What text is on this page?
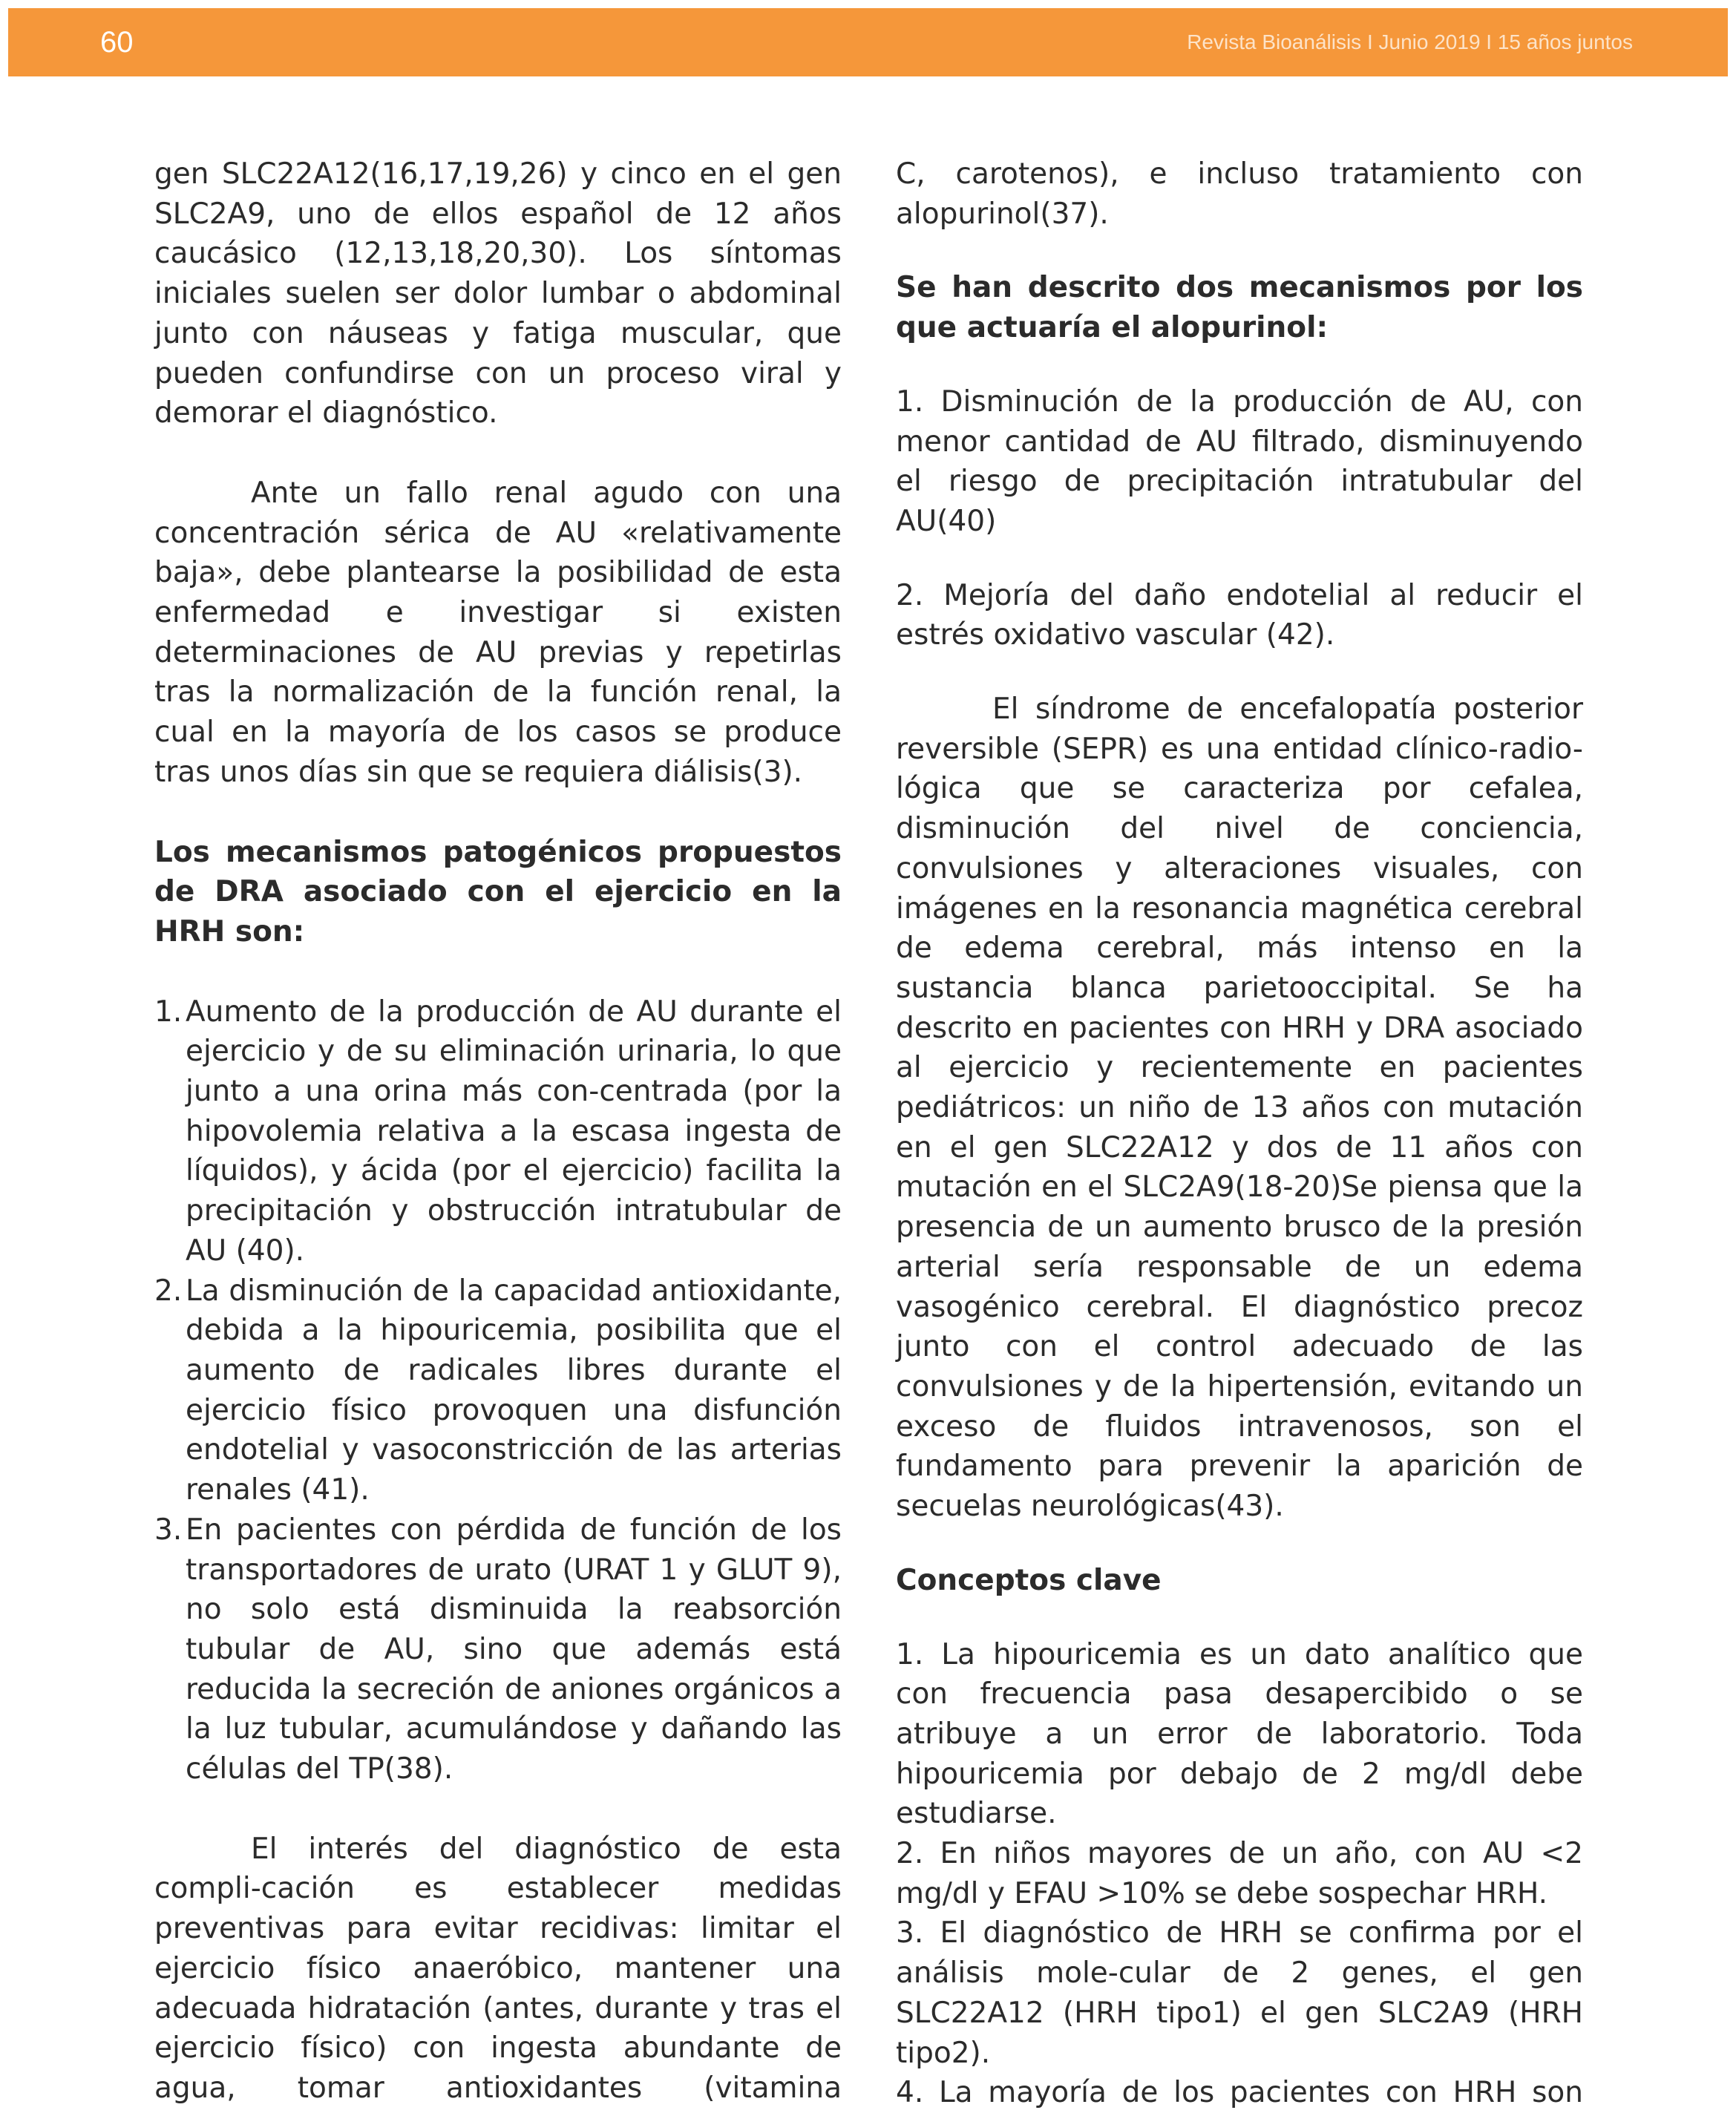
60	Revista Bioanálisis I Junio 2019 I 15 años juntos

gen SLC22A12(16,17,19,26) y cinco en el gen SLC2A9, uno de ellos español de 12 años caucásico (12,13,18,20,30). Los síntomas iniciales suelen ser dolor lumbar o abdominal junto con náuseas y fatiga muscular, que pueden confundirse con un proceso viral y demorar el diagnóstico.

Ante un fallo renal agudo con una concentración sérica de AU «relativamente baja», debe plantearse la posibilidad de esta enfermedad e investigar si existen determinaciones de AU previas y repetirlas tras la normalización de la función renal, la cual en la mayoría de los casos se produce tras unos días sin que se requiera diálisis(3).

Los mecanismos patogénicos propuestos de DRA asociado con el ejercicio en la HRH son:

1. Aumento de la producción de AU durante el ejercicio y de su eliminación urinaria, lo que junto a una orina más con-centrada (por la hipovolemia relativa a la escasa ingesta de líquidos), y ácida (por el ejercicio) facilita la precipitación y obstrucción intratubular de AU (40).
2. La disminución de la capacidad antioxidante, debida a la hipouricemia, posibilita que el aumento de radicales libres durante el ejercicio físico provoquen una disfunción endotelial y vasoconstricción de las arterias renales (41).
3. En pacientes con pérdida de función de los transportadores de urato (URAT 1 y GLUT 9), no solo está disminuida la reabsorción tubular de AU, sino que además está reducida la secreción de aniones orgánicos a la luz tubular, acumulándose y dañando las células del TP(38).

El interés del diagnóstico de esta compli-cación es establecer medidas preventivas para evitar recidivas: limitar el ejercicio físico anaeróbico, mantener una adecuada hidratación (antes, durante y tras el ejercicio físico) con ingesta abundante de agua, tomar antioxidantes (vitamina

C, carotenos), e incluso tratamiento con alopurinol(37).

Se han descrito dos mecanismos por los que actuaría el alopurinol:

1. Disminución de la producción de AU, con menor cantidad de AU filtrado, disminuyendo el riesgo de precipitación intratubular del AU(40)

2. Mejoría del daño endotelial al reducir el estrés oxidativo vascular (42).

El síndrome de encefalopatía posterior reversible (SEPR) es una entidad clínico-radio-lógica que se caracteriza por cefalea, disminución del nivel de conciencia, convulsiones y alteraciones visuales, con imágenes en la resonancia magnética cerebral de edema cerebral, más intenso en la sustancia blanca parietooccipital. Se ha descrito en pacientes con HRH y DRA asociado al ejercicio y recientemente en pacientes pediátricos: un niño de 13 años con mutación en el gen SLC22A12 y dos de 11 años con mutación en el SLC2A9(18-20)Se piensa que la presencia de un aumento brusco de la presión arterial sería responsable de un edema vasogénico cerebral. El diagnóstico precoz junto con el control adecuado de las convulsiones y de la hipertensión, evitando un exceso de fluidos intravenosos, son el fundamento para prevenir la aparición de secuelas neurológicas(43).

Conceptos clave

1. La hipouricemia es un dato analítico que con frecuencia pasa desapercibido o se atribuye a un error de laboratorio. Toda hipouricemia por debajo de 2 mg/dl debe estudiarse.

2. En niños mayores de un año, con AU <2 mg/dl y EFAU >10% se debe sospechar HRH.

3. El diagnóstico de HRH se confirma por el análisis mole-cular de 2 genes, el gen SLC22A12 (HRH tipo1) el gen SLC2A9 (HRH tipo2).

4. La mayoría de los pacientes con HRH son
